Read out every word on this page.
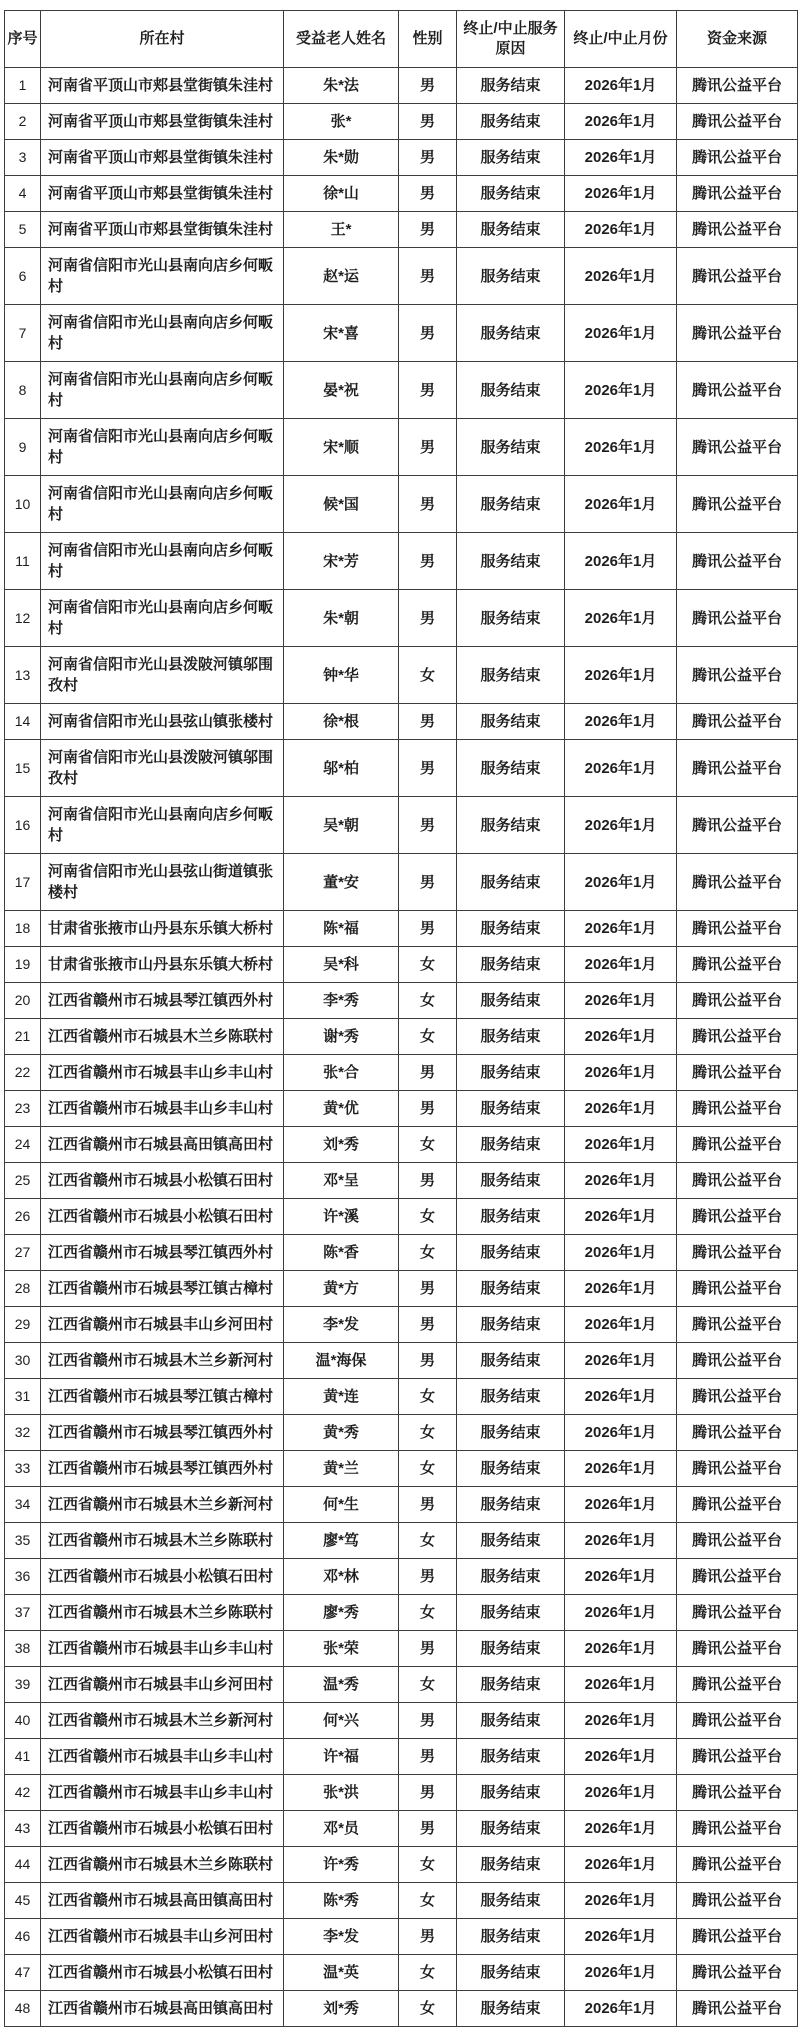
序号	所在村	受益老人姓名	性别	终止/中止服务原因	终止/中止月份	资金来源
1	河南省平顶山市郏县堂街镇朱洼村	朱*法	男	服务结束	2026年1月	腾讯公益平台
2	河南省平顶山市郏县堂街镇朱洼村	张*	男	服务结束	2026年1月	腾讯公益平台
3	河南省平顶山市郏县堂街镇朱洼村	朱*勋	男	服务结束	2026年1月	腾讯公益平台
4	河南省平顶山市郏县堂街镇朱洼村	徐*山	男	服务结束	2026年1月	腾讯公益平台
5	河南省平顶山市郏县堂街镇朱洼村	王*	男	服务结束	2026年1月	腾讯公益平台
6	河南省信阳市光山县南向店乡何畈村	赵*运	男	服务结束	2026年1月	腾讯公益平台
7	河南省信阳市光山县南向店乡何畈村	宋*喜	男	服务结束	2026年1月	腾讯公益平台
8	河南省信阳市光山县南向店乡何畈村	晏*祝	男	服务结束	2026年1月	腾讯公益平台
9	河南省信阳市光山县南向店乡何畈村	宋*顺	男	服务结束	2026年1月	腾讯公益平台
10	河南省信阳市光山县南向店乡何畈村	候*国	男	服务结束	2026年1月	腾讯公益平台
11	河南省信阳市光山县南向店乡何畈村	宋*芳	男	服务结束	2026年1月	腾讯公益平台
12	河南省信阳市光山县南向店乡何畈村	朱*朝	男	服务结束	2026年1月	腾讯公益平台
13	河南省信阳市光山县泼陂河镇邬围孜村	钟*华	女	服务结束	2026年1月	腾讯公益平台
14	河南省信阳市光山县弦山镇张楼村	徐*根	男	服务结束	2026年1月	腾讯公益平台
15	河南省信阳市光山县泼陂河镇邬围孜村	邬*柏	男	服务结束	2026年1月	腾讯公益平台
16	河南省信阳市光山县南向店乡何畈村	吴*朝	男	服务结束	2026年1月	腾讯公益平台
17	河南省信阳市光山县弦山街道镇张楼村	董*安	男	服务结束	2026年1月	腾讯公益平台
18	甘肃省张掖市山丹县东乐镇大桥村	陈*福	男	服务结束	2026年1月	腾讯公益平台
19	甘肃省张掖市山丹县东乐镇大桥村	吴*科	女	服务结束	2026年1月	腾讯公益平台
20	江西省赣州市石城县琴江镇西外村	李*秀	女	服务结束	2026年1月	腾讯公益平台
21	江西省赣州市石城县木兰乡陈联村	谢*秀	女	服务结束	2026年1月	腾讯公益平台
22	江西省赣州市石城县丰山乡丰山村	张*合	男	服务结束	2026年1月	腾讯公益平台
23	江西省赣州市石城县丰山乡丰山村	黄*优	男	服务结束	2026年1月	腾讯公益平台
24	江西省赣州市石城县高田镇高田村	刘*秀	女	服务结束	2026年1月	腾讯公益平台
25	江西省赣州市石城县小松镇石田村	邓*呈	男	服务结束	2026年1月	腾讯公益平台
26	江西省赣州市石城县小松镇石田村	许*溪	女	服务结束	2026年1月	腾讯公益平台
27	江西省赣州市石城县琴江镇西外村	陈*香	女	服务结束	2026年1月	腾讯公益平台
28	江西省赣州市石城县琴江镇古樟村	黄*方	男	服务结束	2026年1月	腾讯公益平台
29	江西省赣州市石城县丰山乡河田村	李*发	男	服务结束	2026年1月	腾讯公益平台
30	江西省赣州市石城县木兰乡新河村	温*海保	男	服务结束	2026年1月	腾讯公益平台
31	江西省赣州市石城县琴江镇古樟村	黄*连	女	服务结束	2026年1月	腾讯公益平台
32	江西省赣州市石城县琴江镇西外村	黄*秀	女	服务结束	2026年1月	腾讯公益平台
33	江西省赣州市石城县琴江镇西外村	黄*兰	女	服务结束	2026年1月	腾讯公益平台
34	江西省赣州市石城县木兰乡新河村	何*生	男	服务结束	2026年1月	腾讯公益平台
35	江西省赣州市石城县木兰乡陈联村	廖*笃	女	服务结束	2026年1月	腾讯公益平台
36	江西省赣州市石城县小松镇石田村	邓*林	男	服务结束	2026年1月	腾讯公益平台
37	江西省赣州市石城县木兰乡陈联村	廖*秀	女	服务结束	2026年1月	腾讯公益平台
38	江西省赣州市石城县丰山乡丰山村	张*荣	男	服务结束	2026年1月	腾讯公益平台
39	江西省赣州市石城县丰山乡河田村	温*秀	女	服务结束	2026年1月	腾讯公益平台
40	江西省赣州市石城县木兰乡新河村	何*兴	男	服务结束	2026年1月	腾讯公益平台
41	江西省赣州市石城县丰山乡丰山村	许*福	男	服务结束	2026年1月	腾讯公益平台
42	江西省赣州市石城县丰山乡丰山村	张*洪	男	服务结束	2026年1月	腾讯公益平台
43	江西省赣州市石城县小松镇石田村	邓*员	男	服务结束	2026年1月	腾讯公益平台
44	江西省赣州市石城县木兰乡陈联村	许*秀	女	服务结束	2026年1月	腾讯公益平台
45	江西省赣州市石城县高田镇高田村	陈*秀	女	服务结束	2026年1月	腾讯公益平台
46	江西省赣州市石城县丰山乡河田村	李*发	男	服务结束	2026年1月	腾讯公益平台
47	江西省赣州市石城县小松镇石田村	温*英	女	服务结束	2026年1月	腾讯公益平台
48	江西省赣州市石城县高田镇高田村	刘*秀	女	服务结束	2026年1月	腾讯公益平台
